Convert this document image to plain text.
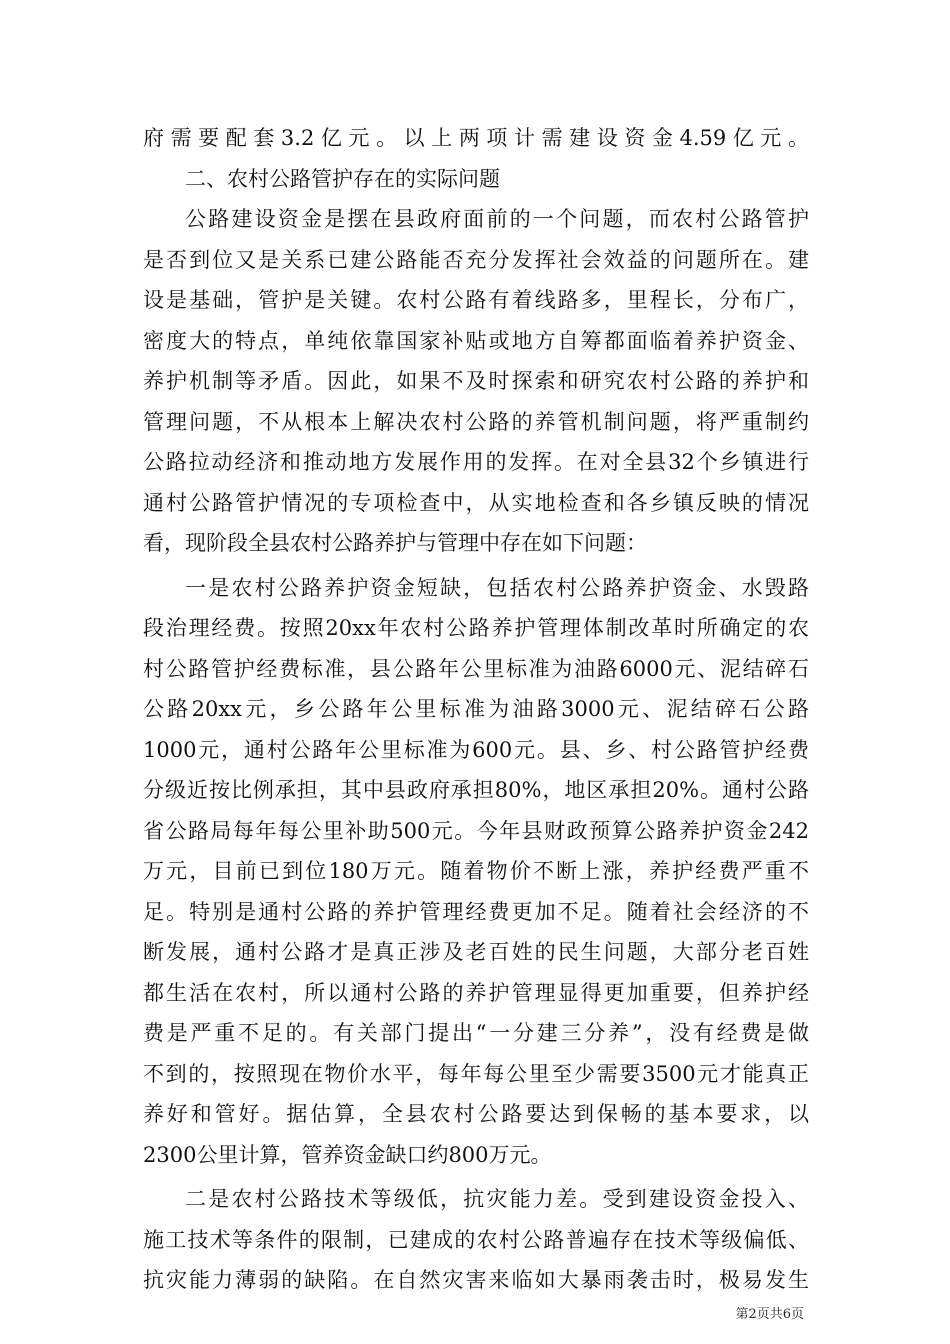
府需要配套3.2亿元。以上两项计需建设资金4.59亿元。
二、农村公路管护存在的实际问题
公路建设资金是摆在县政府面前的一个问题，而农村公路管护
是否到位又是关系已建公路能否充分发挥社会效益的问题所在。建
设是基础，管护是关键。农村公路有着线路多，里程长，分布广，
密度大的特点，单纯依靠国家补贴或地方自筹都面临着养护资金、
养护机制等矛盾。因此，如果不及时探索和研究农村公路的养护和
管理问题，不从根本上解决农村公路的养管机制问题，将严重制约
公路拉动经济和推动地方发展作用的发挥。在对全县32个乡镇进行
通村公路管护情况的专项检查中，从实地检查和各乡镇反映的情况
看，现阶段全县农村公路养护与管理中存在如下问题：
一是农村公路养护资金短缺，包括农村公路养护资金、水毁路
段治理经费。按照20xx年农村公路养护管理体制改革时所确定的农
村公路管护经费标准，县公路年公里标准为油路6000元、泥结碎石
公路20xx元，乡公路年公里标准为油路3000元、泥结碎石公路
1000元，通村公路年公里标准为600元。县、乡、村公路管护经费
分级近按比例承担，其中县政府承担80%，地区承担20%。通村公路
省公路局每年每公里补助500元。今年县财政预算公路养护资金242
万元，目前已到位180万元。随着物价不断上涨，养护经费严重不
足。特别是通村公路的养护管理经费更加不足。随着社会经济的不
断发展，通村公路才是真正涉及老百姓的民生问题，大部分老百姓
都生活在农村，所以通村公路的养护管理显得更加重要，但养护经
费是严重不足的。有关部门提出“一分建三分养”，没有经费是做
不到的，按照现在物价水平，每年每公里至少需要3500元才能真正
养好和管好。据估算，全县农村公路要达到保畅的基本要求，以
2300公里计算，管养资金缺口约800万元。
二是农村公路技术等级低，抗灾能力差。受到建设资金投入、
施工技术等条件的限制，已建成的农村公路普遍存在技术等级偏低、
抗灾能力薄弱的缺陷。在自然灾害来临如大暴雨袭击时，极易发生
第2页共6页
